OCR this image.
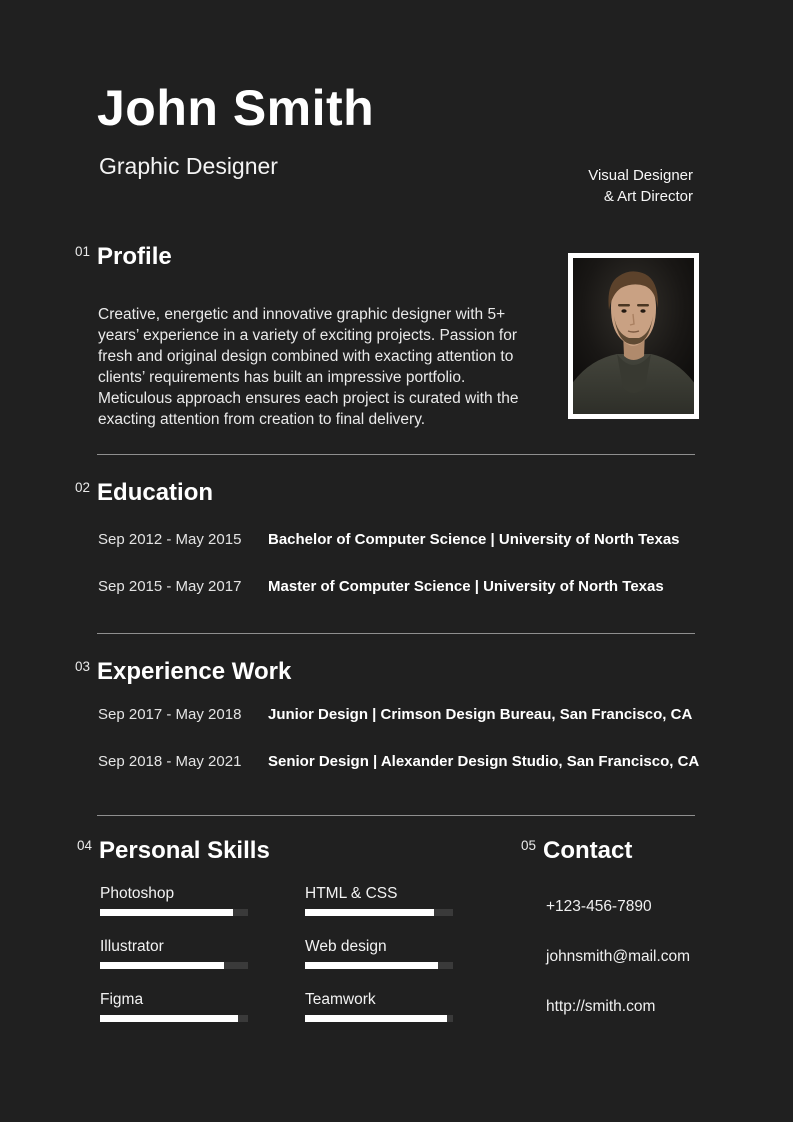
John Smith
Graphic Designer	Visual Designer
& Art Director
01 Profile

Creative, energetic and innovative graphic designer with 5+ years’ experience in a variety of exciting projects. Passion for fresh and original design combined with exacting attention to clients’ requirements has built an impressive portfolio. Meticulous approach ensures each project is curated with the exacting attention from creation to final delivery.

02 Education
Sep 2012 - May 2015	Bachelor of Computer Science | University of North Texas
Sep 2015 - May 2017	Master of Computer Science | University of North Texas
03 Experience Work
Sep 2017 - May 2018	Junior Design | Crimson Design Bureau, San Francisco, CA
Sep 2018 - May 2021	Senior Design | Alexander Design Studio, San Francisco, CA
04 Personal Skills
Photoshop	HTML & CSS
Illustrator	Web design
Figma	Teamwork
05 Contact
+123-456-7890
johnsmith@mail.com
http://smith.com
